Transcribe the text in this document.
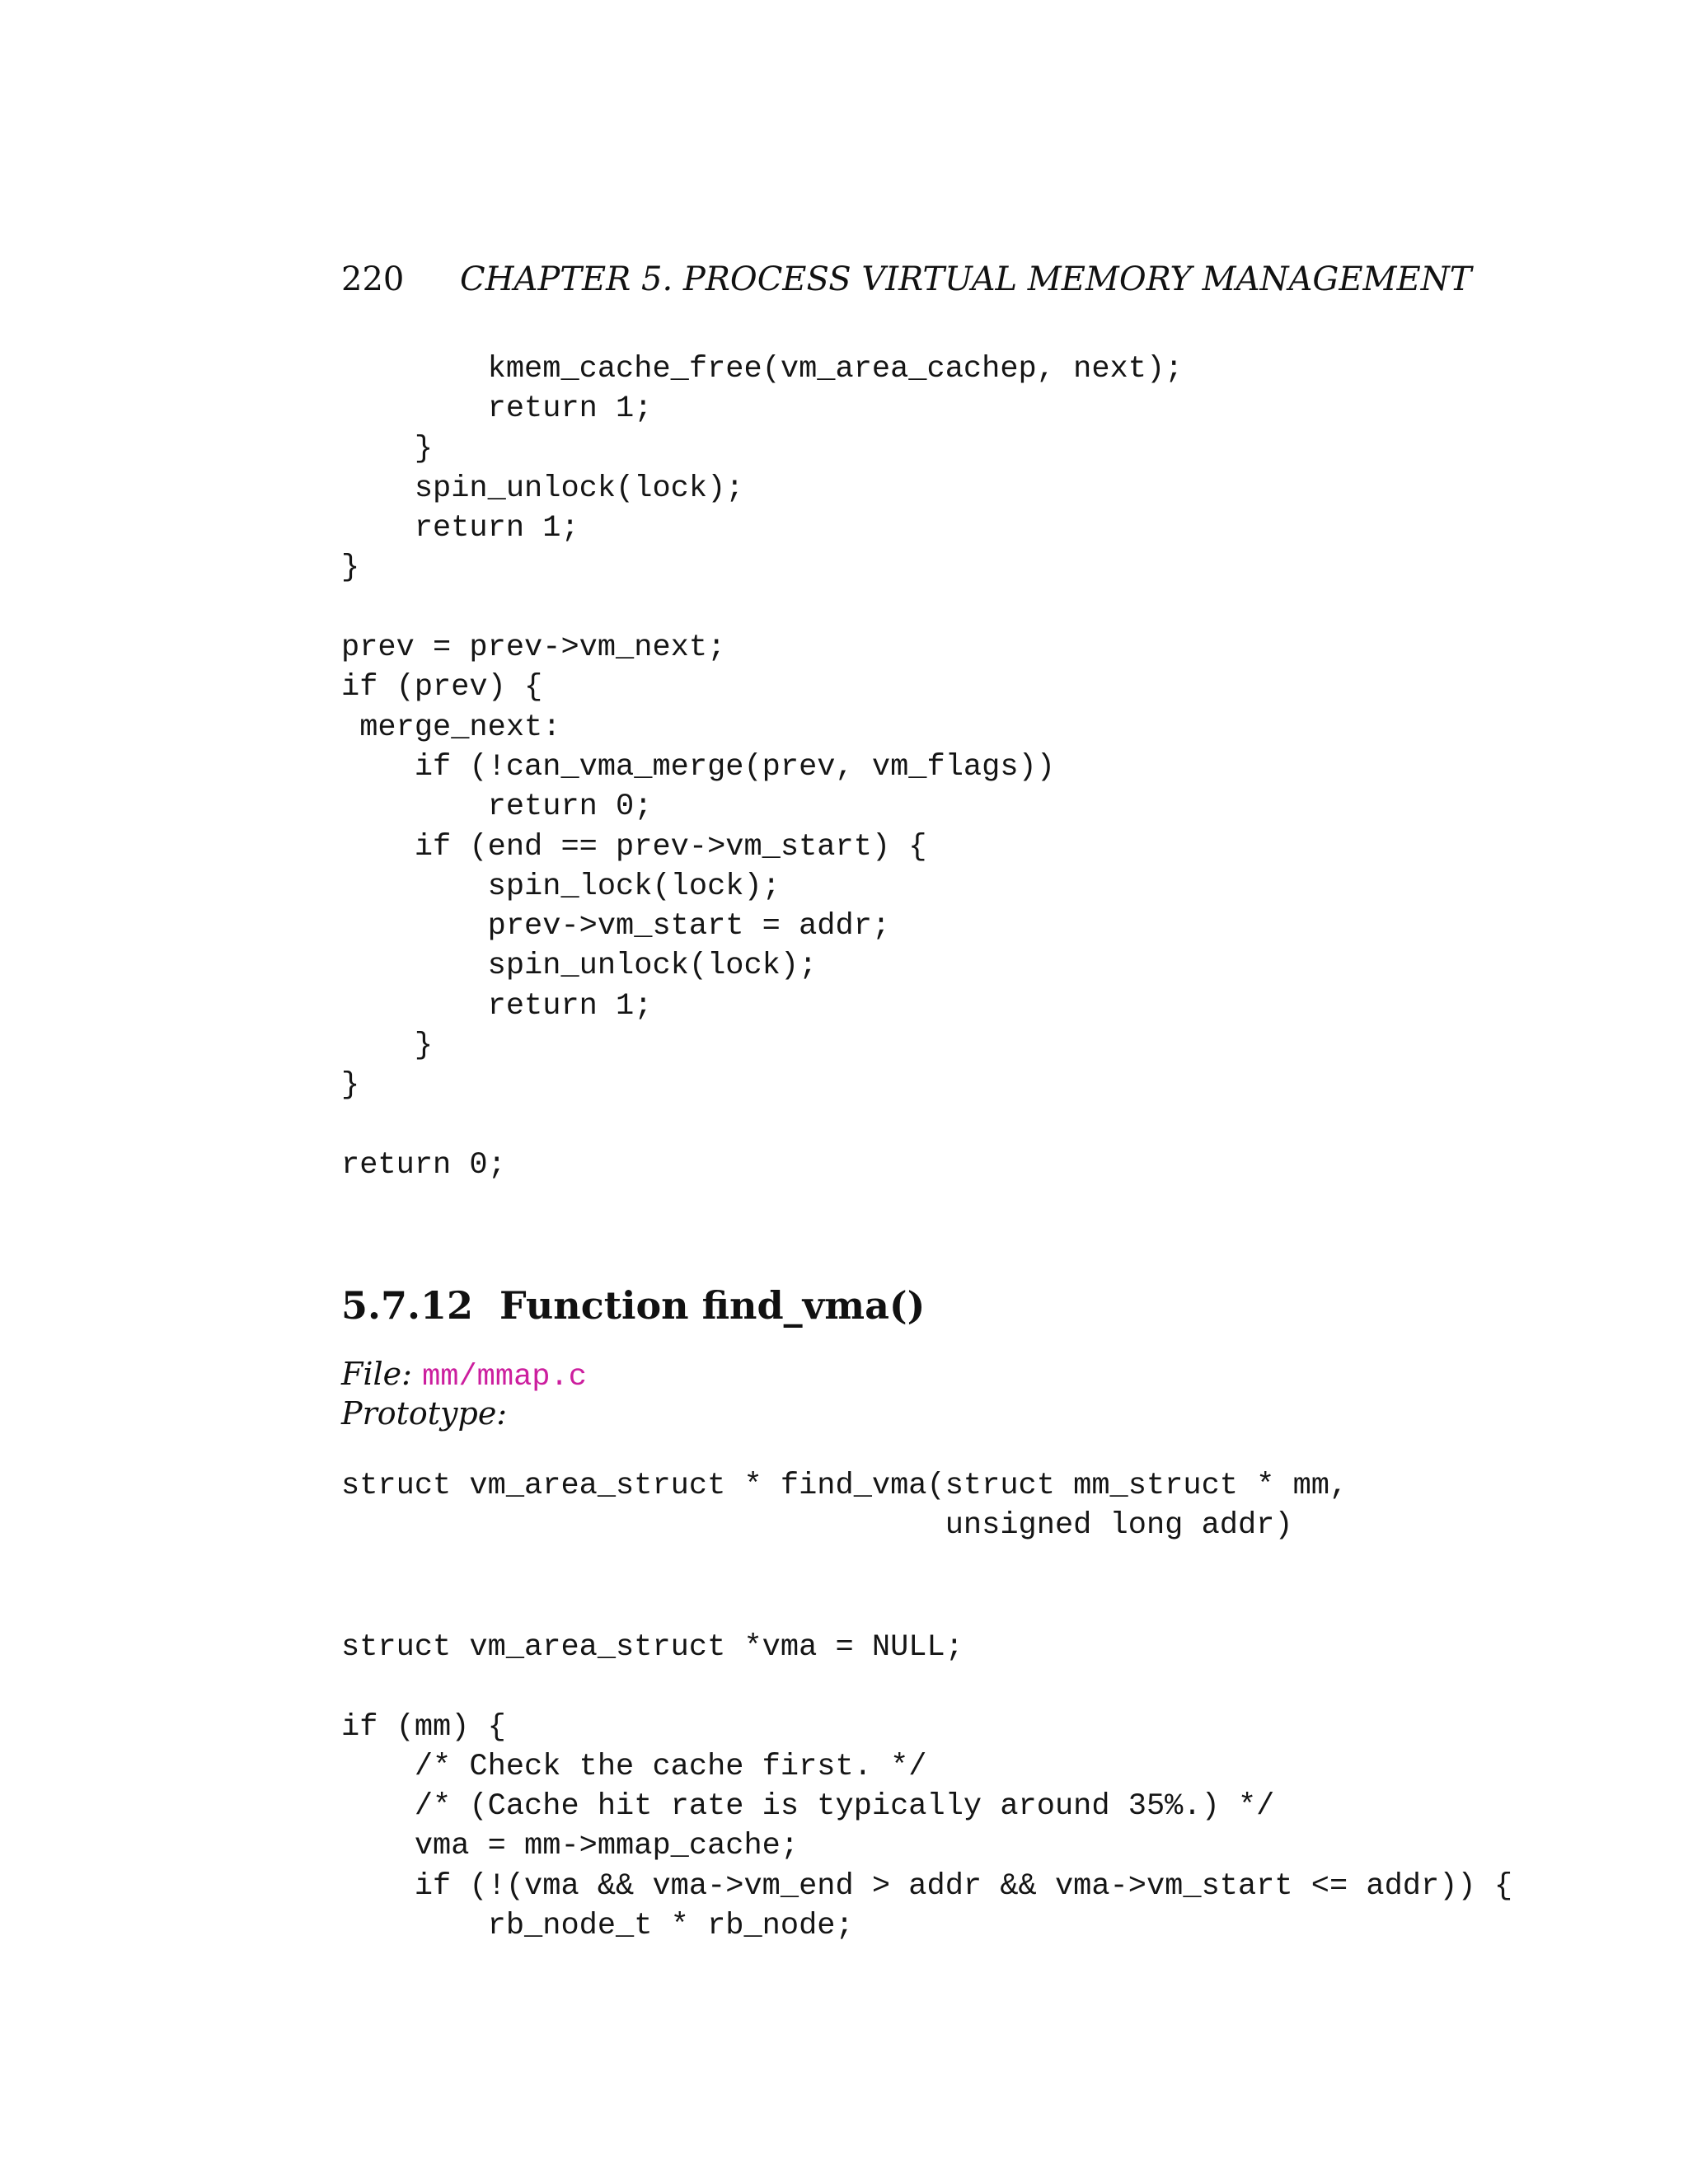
220 CHAPTER 5. PROCESS VIRTUAL MEMORY MANAGEMENT
kmem_cache_free(vm_area_cachep, next);
return 1;
}
spin_unlock(lock);
return 1;
}

prev = prev->vm_next;
if (prev) {
merge_next:
if (!can_vma_merge(prev, vm_flags))
return 0;
if (end == prev->vm_start) {
spin_lock(lock);
prev->vm_start = addr;
spin_unlock(lock);
return 1;
}
}

return 0;
5.7.12 Function find_vma()
File: mm/mmap.c
Prototype:
struct vm_area_struct * find_vma(struct mm_struct * mm,
unsigned long addr)
struct vm_area_struct *vma = NULL;

if (mm) {
/* Check the cache first. */
/* (Cache hit rate is typically around 35%.) */
vma = mm->mmap_cache;
if (!(vma && vma->vm_end > addr && vma->vm_start <= addr)) {
rb_node_t * rb_node;
